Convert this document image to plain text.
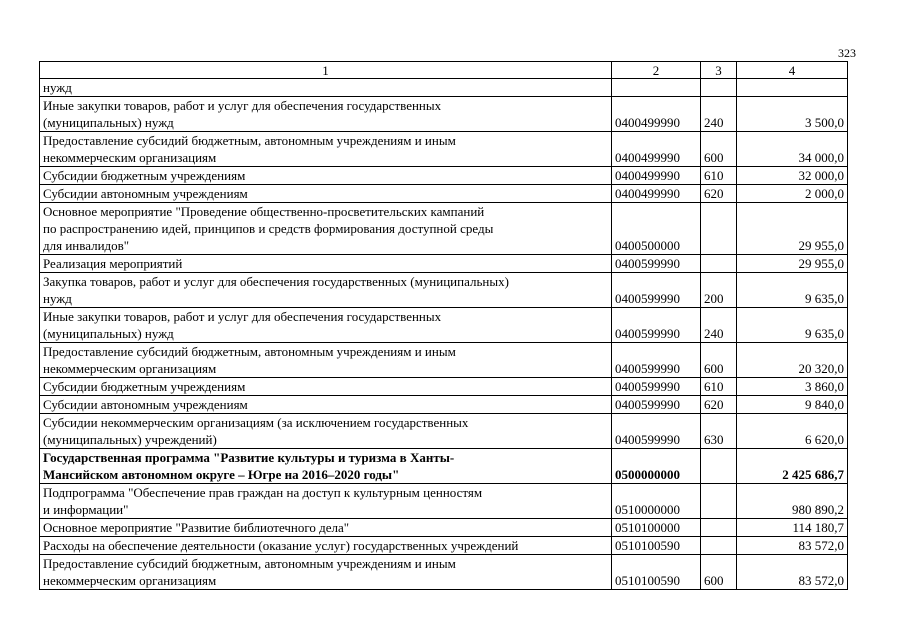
323
1	2	3	4

нужд			

Иные закупки товаров, работ и услуг для обеспечения государственных
(муниципальных) нужд	0400499990	240	3 500,0

Предоставление субсидий бюджетным, автономным учреждениям и иным
некоммерческим организациям	0400499990	600	34 000,0

Субсидии бюджетным учреждениям	0400499990	610	32 000,0

Субсидии автономным учреждениям	0400499990	620	2 000,0

Основное мероприятие "Проведение общественно-просветительских кампаний
по распространению идей, принципов и средств формирования доступной среды
для инвалидов"	0400500000		29 955,0

Реализация мероприятий	0400599990		29 955,0

Закупка товаров, работ и услуг для обеспечения государственных (муниципальных)
нужд	0400599990	200	9 635,0

Иные закупки товаров, работ и услуг для обеспечения государственных
(муниципальных) нужд	0400599990	240	9 635,0

Предоставление субсидий бюджетным, автономным учреждениям и иным
некоммерческим организациям	0400599990	600	20 320,0

Субсидии бюджетным учреждениям	0400599990	610	3 860,0

Субсидии автономным учреждениям	0400599990	620	9 840,0

Субсидии некоммерческим организациям (за исключением государственных
(муниципальных) учреждений)	0400599990	630	6 620,0

Государственная программа "Развитие культуры и туризма в Ханты-
Мансийском автономном округе – Югре на 2016–2020 годы"	0500000000		2 425 686,7

Подпрограмма "Обеспечение прав граждан на доступ к культурным ценностям
и информации"	0510000000		980 890,2

Основное мероприятие "Развитие библиотечного дела"	0510100000		114 180,7

Расходы на обеспечение деятельности (оказание услуг) государственных учреждений	0510100590		83 572,0

Предоставление субсидий бюджетным, автономным учреждениям и иным
некоммерческим организациям	0510100590	600	83 572,0
